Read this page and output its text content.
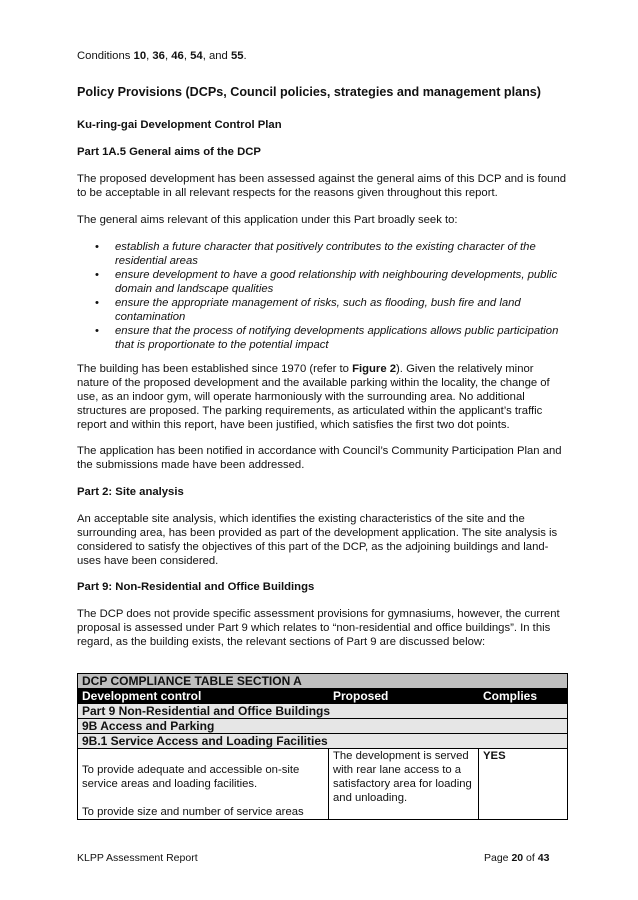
Conditions 10, 36, 46, 54, and 55.

Policy Provisions (DCPs, Council policies, strategies and management plans)

Ku-ring-gai Development Control Plan

Part 1A.5 General aims of the DCP

The proposed development has been assessed against the general aims of this DCP and is found to be acceptable in all relevant respects for the reasons given throughout this report.

The general aims relevant of this application under this Part broadly seek to:

• establish a future character that positively contributes to the existing character of the residential areas
• ensure development to have a good relationship with neighbouring developments, public domain and landscape qualities
• ensure the appropriate management of risks, such as flooding, bush fire and land contamination
• ensure that the process of notifying developments applications allows public participation that is proportionate to the potential impact

The building has been established since 1970 (refer to Figure 2). Given the relatively minor nature of the proposed development and the available parking within the locality, the change of use, as an indoor gym, will operate harmoniously with the surrounding area. No additional structures are proposed. The parking requirements, as articulated within the applicant’s traffic report and within this report, have been justified, which satisfies the first two dot points.

The application has been notified in accordance with Council’s Community Participation Plan and the submissions made have been addressed.

Part 2: Site analysis

An acceptable site analysis, which identifies the existing characteristics of the site and the surrounding area, has been provided as part of the development application. The site analysis is considered to satisfy the objectives of this part of the DCP, as the adjoining buildings and land-uses have been considered.

Part 9: Non-Residential and Office Buildings

The DCP does not provide specific assessment provisions for gymnasiums, however, the current proposal is assessed under Part 9 which relates to “non-residential and office buildings”. In this regard, as the building exists, the relevant sections of Part 9 are discussed below:

DCP COMPLIANCE TABLE SECTION A		
Development control	Proposed	Complies
Part 9 Non-Residential and Office Buildings		
9B Access and Parking		
9B.1 Service Access and Loading Facilities		

To provide adequate and accessible on-site service areas and loading facilities.
To provide size and number of service areas	The development is served with rear lane access to a satisfactory area for loading and unloading.	YES
KLPP Assessment Report	Page 20 of 43
